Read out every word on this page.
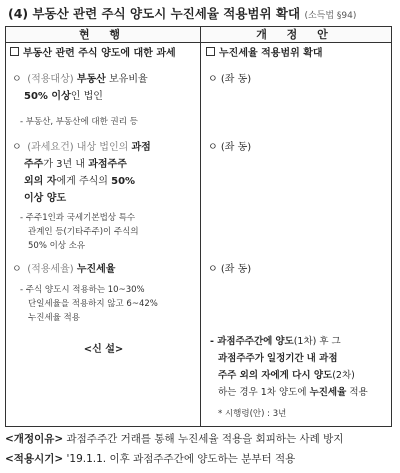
(4) 부동산 관련 주식 양도시 누진세율 적용범위 확대 (소득법 §94)
현 행	개 정 안
부동산 관련 주식 양도에 대한 과세
ㅇ (적용대상) 부동산 보유비율
50% 이상인 법인
- 부동산, 부동산에 대한 권리 등
ㅇ (과세요건) 내상 법인의 과점
주주가 3년 내 과점주주
외의 자에게 주식의 50%
이상 양도
- 주주1인과 국세기본법상 특수
관계인 등(기타주주)이 주식의
50% 이상 소유
ㅇ (적용세율) 누진세율
- 주식 양도시 적용하는 10~30%
단일세율을 적용하지 않고 6~42%
누진세율 적용
<신 설>
누진세율 적용범위 확대
ㅇ (좌 동)
ㅇ (좌 동)
ㅇ (좌 동)
- 과점주주간에 양도(1차) 후 그
과점주주가 일정기간 내 과점
주주 외의 자에게 다시 양도(2차)
하는 경우 1차 양도에 누진세율 적용
* 시행령(안) : 3년
<개정이유> 과점주주간 거래를 통해 누진세율 적용을 회피하는 사례 방지
<적용시기> '19.1.1. 이후 과점주주간에 양도하는 분부터 적용
